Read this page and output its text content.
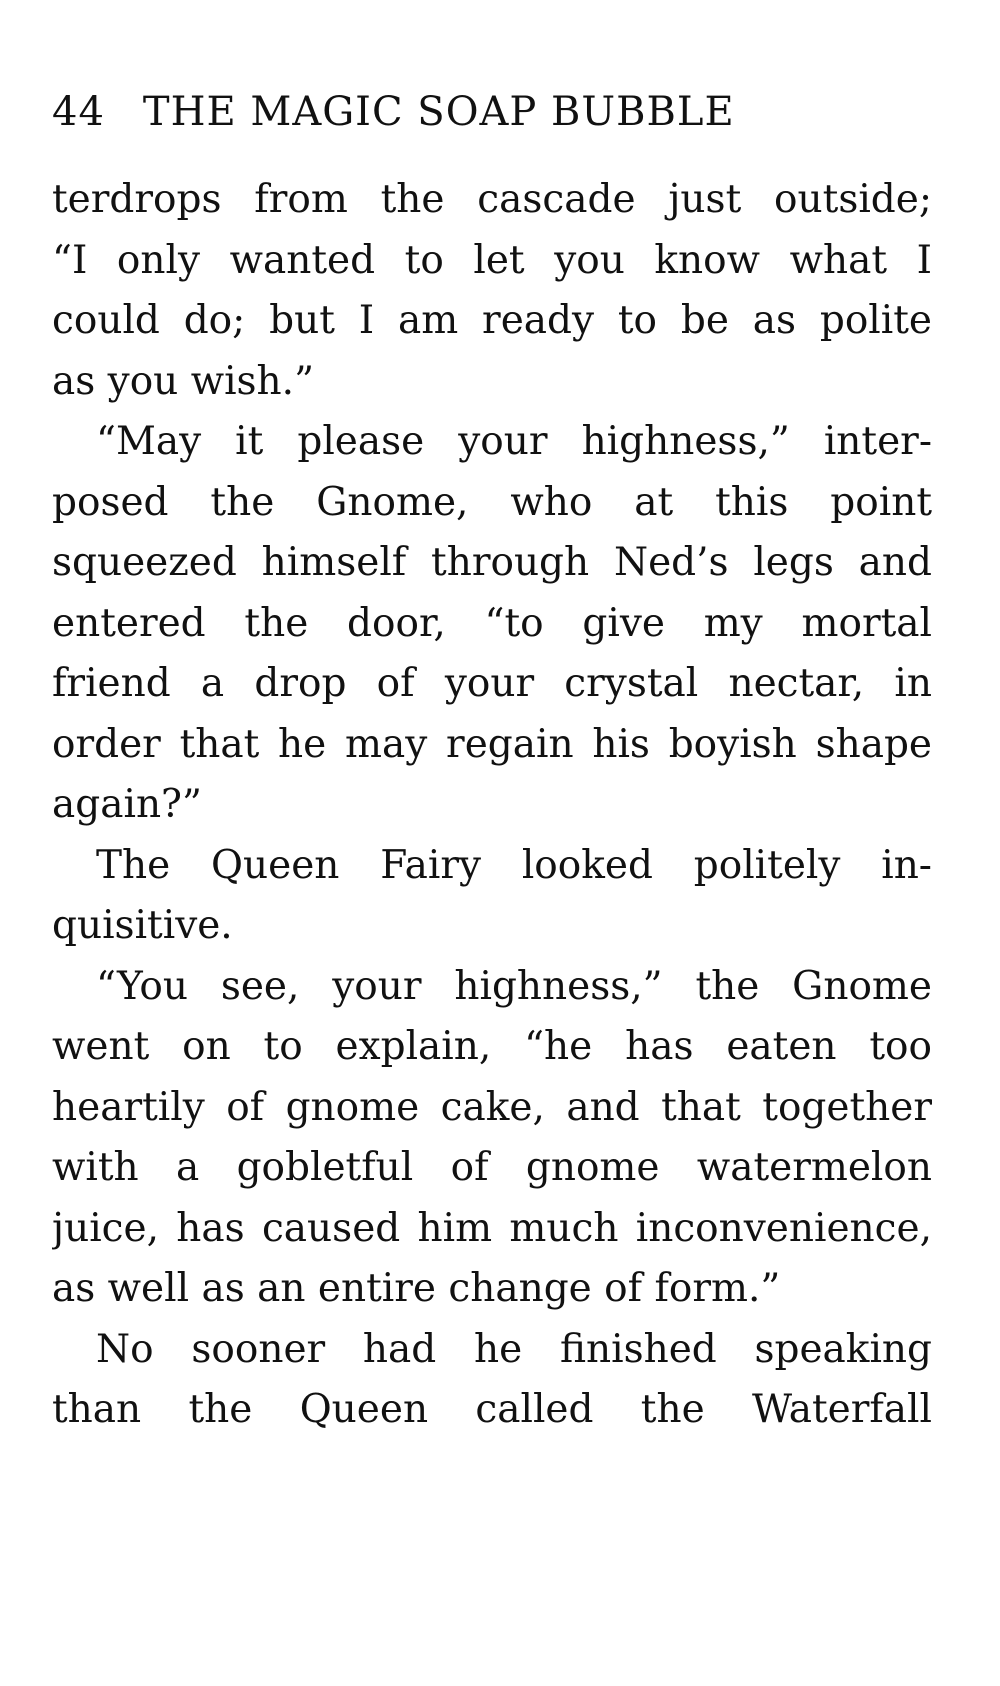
44 THE MAGIC SOAP BUBBLE
terdrops from the cascade just outside;
“I only wanted to let you know what I
could do; but I am ready to be as polite
as you wish.”
“May it please your highness,” inter-
posed the Gnome, who at this point
squeezed himself through Ned’s legs and
entered the door, “to give my mortal
friend a drop of your crystal nectar, in
order that he may regain his boyish shape
again?”
The Queen Fairy looked politely in-
quisitive.
“You see, your highness,” the Gnome
went on to explain, “he has eaten too
heartily of gnome cake, and that together
with a gobletful of gnome watermelon
juice, has caused him much inconvenience,
as well as an entire change of form.”
No sooner had he finished speaking
than the Queen called the Waterfall
